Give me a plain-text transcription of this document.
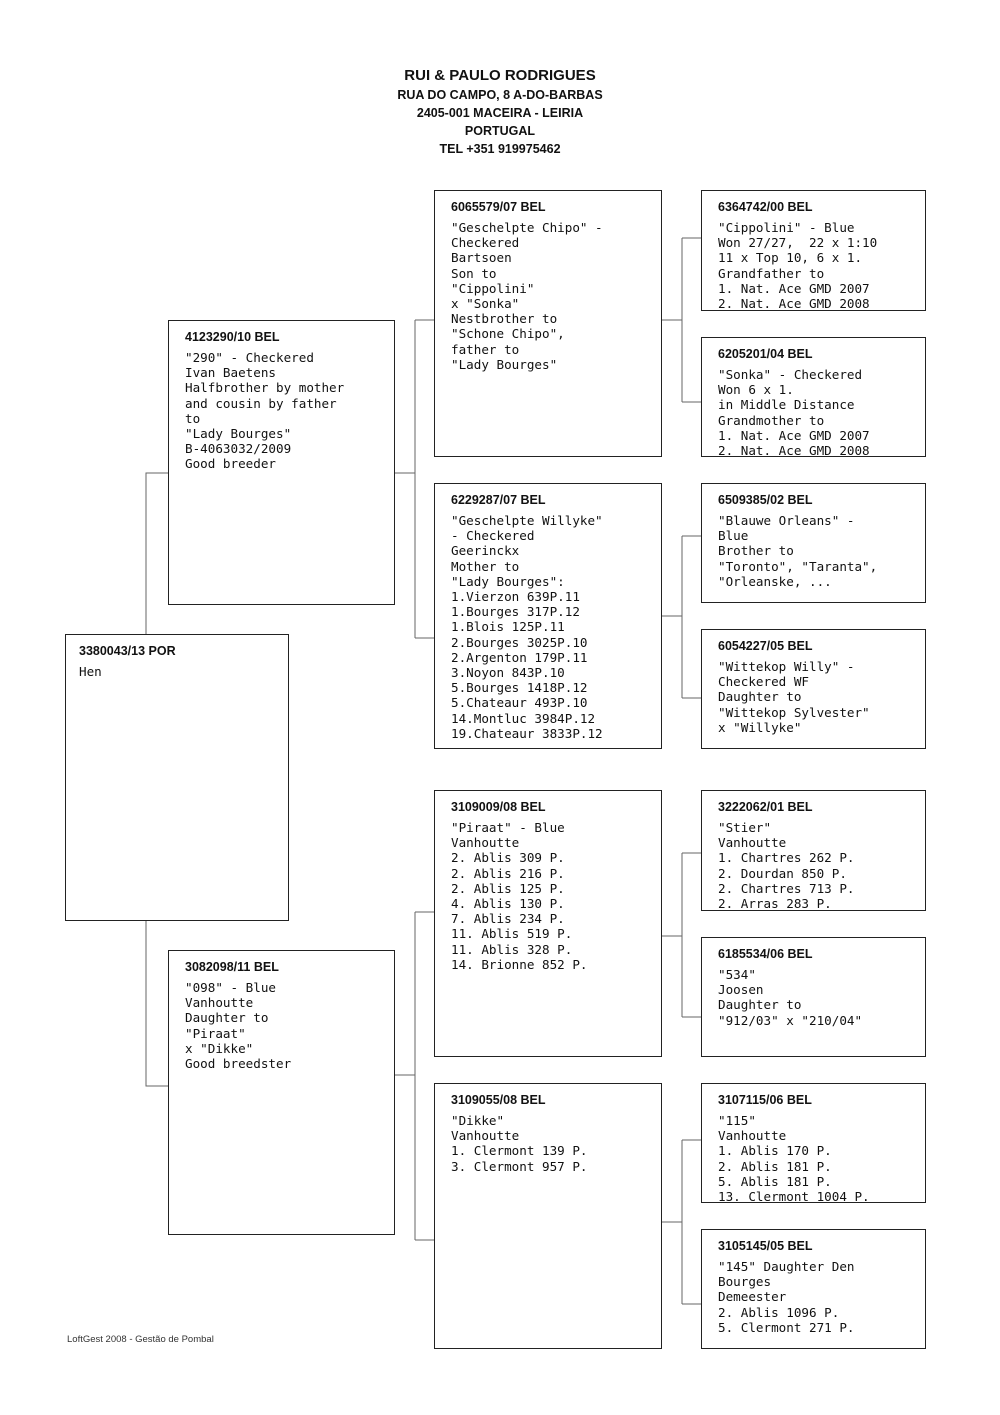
RUI & PAULO RODRIGUES
RUA DO CAMPO, 8 A-DO-BARBAS
2405-001 MACEIRA - LEIRIA
PORTUGAL
TEL +351 919975462
3380043/13 POR
Hen
4123290/10 BEL
"290" - Checkered
Ivan Baetens
Halfbrother by mother
and cousin by father
to
"Lady Bourges"
B-4063032/2009
Good breeder
3082098/11 BEL
"098" - Blue
Vanhoutte
Daughter to
"Piraat"
x "Dikke"
Good breedster
6065579/07 BEL
"Geschelpte Chipo" -
Checkered
Bartsoen
Son to
"Cippolini"
x "Sonka"
Nestbrother to
"Schone Chipo",
father to
"Lady Bourges"
6229287/07 BEL
"Geschelpte Willyke"
- Checkered
Geerinckx
Mother to
"Lady Bourges":
1.Vierzon 639P.11
1.Bourges 317P.12
1.Blois 125P.11
2.Bourges 3025P.10
2.Argenton 179P.11
3.Noyon 843P.10
5.Bourges 1418P.12
5.Chateaur 493P.10
14.Montluc 3984P.12
19.Chateaur 3833P.12
3109009/08 BEL
"Piraat" - Blue
Vanhoutte
2. Ablis 309 P.
2. Ablis 216 P.
2. Ablis 125 P.
4. Ablis 130 P.
7. Ablis 234 P.
11. Ablis 519 P.
11. Ablis 328 P.
14. Brionne 852 P.
3109055/08 BEL
"Dikke"
Vanhoutte
1. Clermont 139 P.
3. Clermont 957 P.
6364742/00 BEL
"Cippolini" - Blue
Won 27/27,  22 x 1:10
11 x Top 10, 6 x 1.
Grandfather to
1. Nat. Ace GMD 2007
2. Nat. Ace GMD 2008
6205201/04 BEL
"Sonka" - Checkered
Won 6 x 1.
in Middle Distance
Grandmother to
1. Nat. Ace GMD 2007
2. Nat. Ace GMD 2008
6509385/02 BEL
"Blauwe Orleans" -
Blue
Brother to
"Toronto", "Taranta",
"Orleanske, ...
6054227/05 BEL
"Wittekop Willy" -
Checkered WF
Daughter to
"Wittekop Sylvester"
x "Willyke"
3222062/01 BEL
"Stier"
Vanhoutte
1. Chartres 262 P.
2. Dourdan 850 P.
2. Chartres 713 P.
2. Arras 283 P.
6185534/06 BEL
"534"
Joosen
Daughter to
"912/03" x "210/04"
3107115/06 BEL
"115"
Vanhoutte
1. Ablis 170 P.
2. Ablis 181 P.
5. Ablis 181 P.
13. Clermont 1004 P.
3105145/05 BEL
"145" Daughter Den
Bourges
Demeester
2. Ablis 1096 P.
5. Clermont 271 P.
LoftGest 2008 - Gestão de Pombal
